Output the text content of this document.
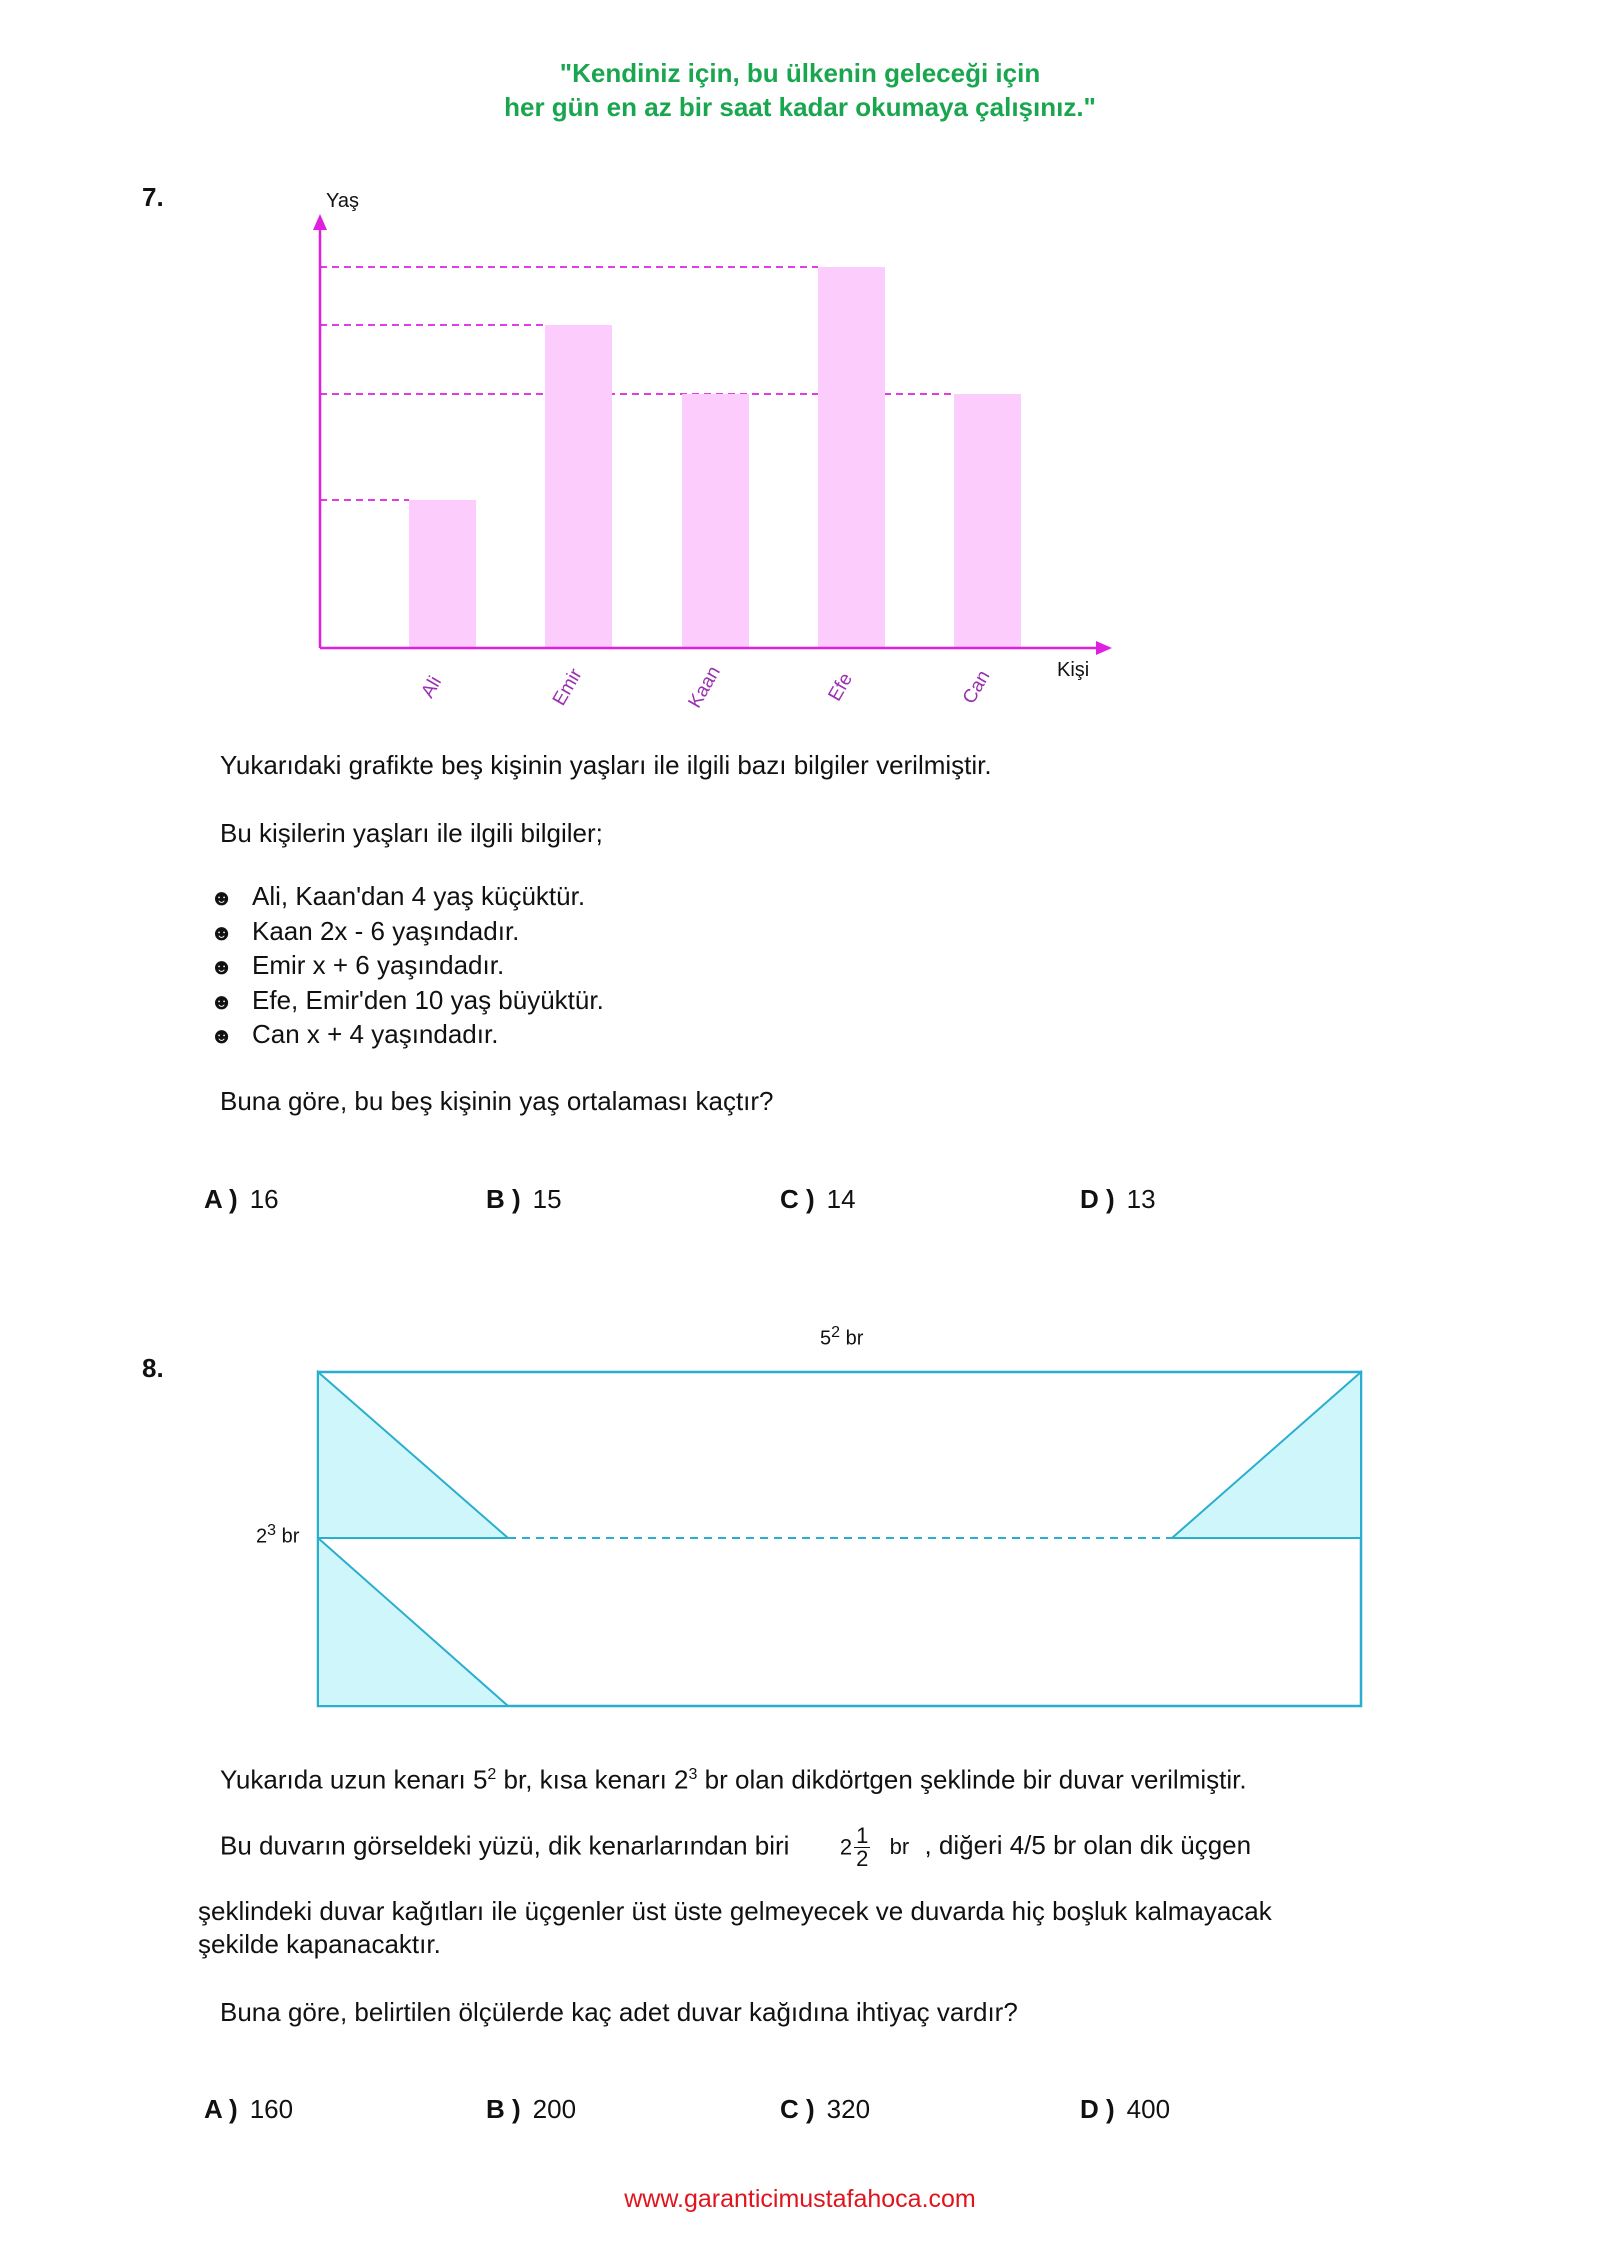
"Kendiniz için, bu ülkenin geleceği için
her gün en az bir saat kadar okumaya çalışınız."
7.	Yaş
Kişi
Ali	Emir	Kaan	Efe	Can
Yukarıdaki grafikte beş kişinin yaşları ile ilgili bazı bilgiler verilmiştir.
Bu kişilerin yaşları ile ilgili bilgiler;
☻ Ali, Kaan'dan 4 yaş küçüktür.
☻ Kaan 2x - 6 yaşındadır.
☻ Emir x + 6 yaşındadır.
☻ Efe, Emir'den 10 yaş büyüktür.
☻ Can x + 4 yaşındadır.
Buna göre, bu beş kişinin yaş ortalaması kaçtır?
A ) 16	B ) 15	C ) 14	D ) 13
8.
$5^2$ br
$2^3$ br
Yukarıda uzun kenarı $5^2$ br, kısa kenarı $2^3$ br olan dikdörtgen şeklinde bir duvar verilmiştir.
Bu duvarın görseldeki yüzü, dik kenarlarından biri $2 \frac{1}{2}$ br , diğeri 4/5 br olan dik üçgen
şeklindeki duvar kağıtları ile üçgenler üst üste gelmeyecek ve duvarda hiç boşluk kalmayacak
şekilde kapanacaktır.
Buna göre, belirtilen ölçülerde kaç adet duvar kağıdına ihtiyaç vardır?
A ) 160	B ) 200	C ) 320	D ) 400
www.garanticimustafahoca.com
